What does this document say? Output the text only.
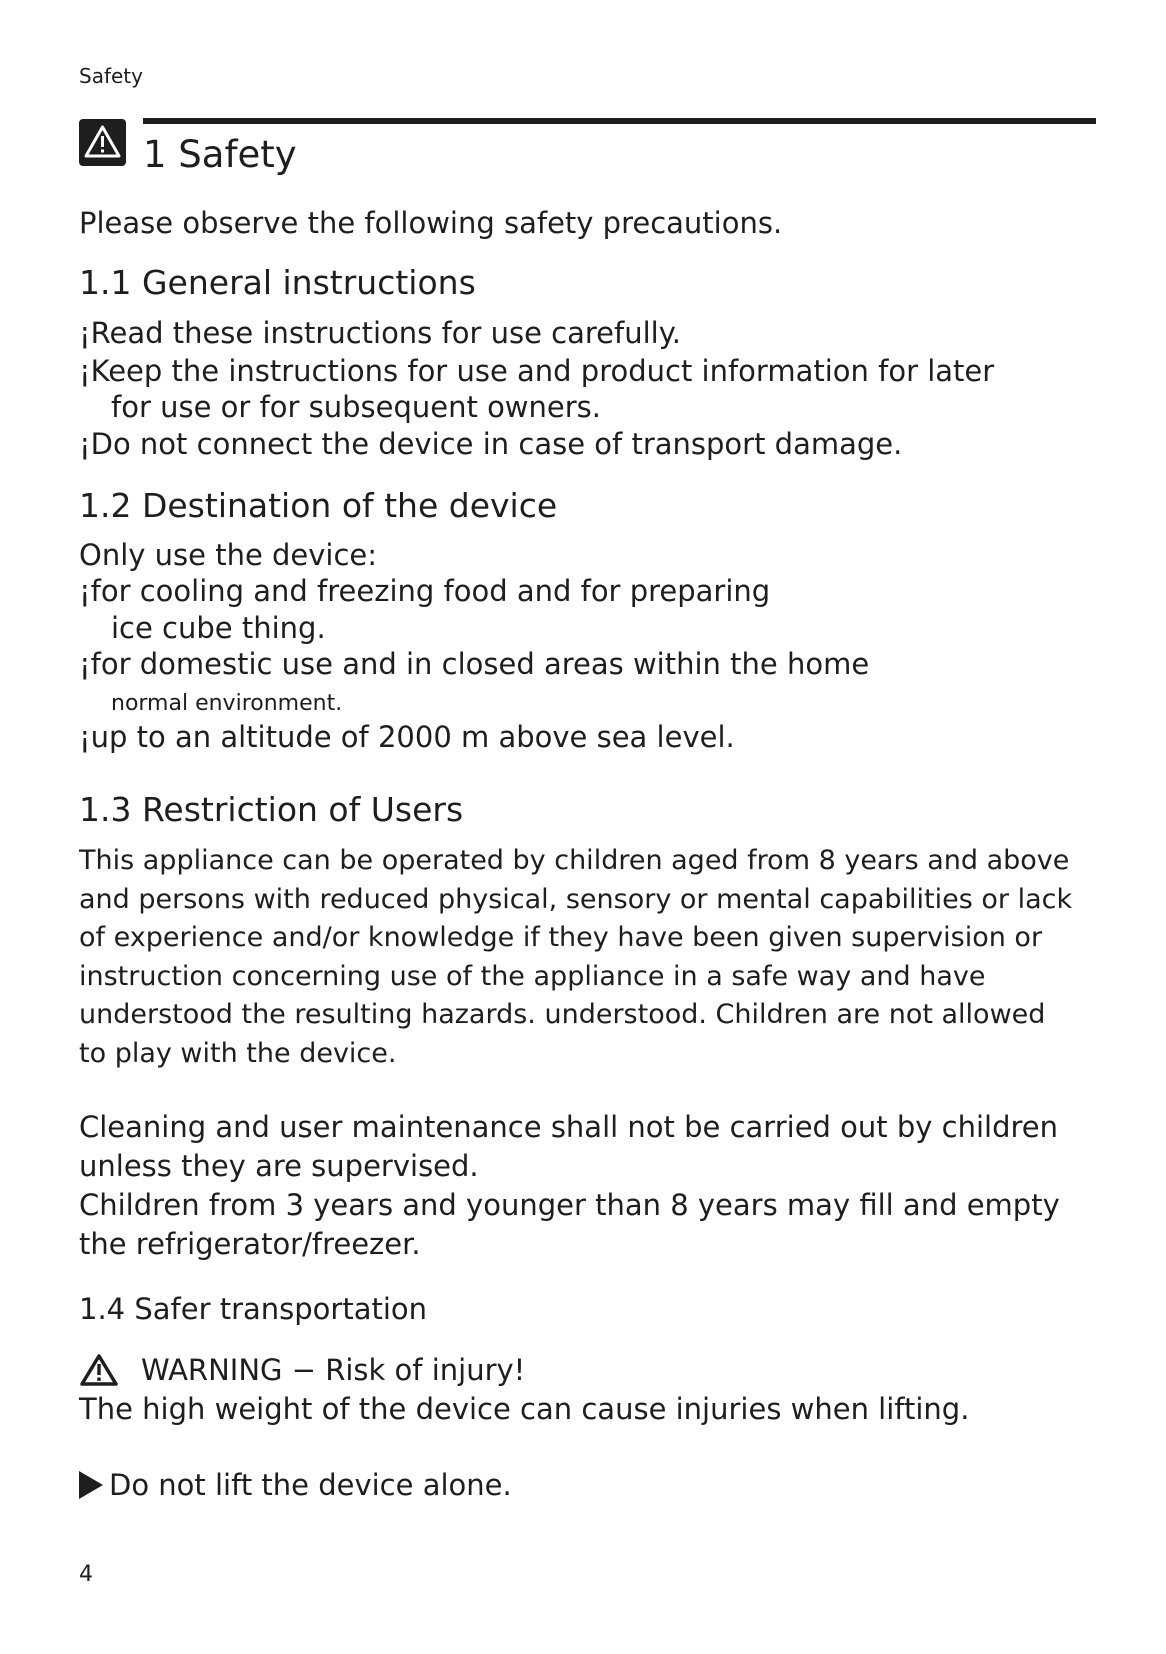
Safety
1 Safety
Please observe the following safety precautions.
1.1 General instructions
¡Read these instructions for use carefully.
¡Keep the instructions for use and product information for later
for use or for subsequent owners.
¡Do not connect the device in case of transport damage.
1.2 Destination of the device
Only use the device:
¡for cooling and freezing food and for preparing
ice cube thing.
¡for domestic use and in closed areas within the home
normal environment.
¡up to an altitude of 2000 m above sea level.
1.3 Restriction of Users
This appliance can be operated by children aged from 8 years and above
and persons with reduced physical, sensory or mental capabilities or lack
of experience and/or knowledge if they have been given supervision or
instruction concerning use of the appliance in a safe way and have
understood the resulting hazards. understood. Children are not allowed
to play with the device.
Cleaning and user maintenance shall not be carried out by children
unless they are supervised.
Children from 3 years and younger than 8 years may fill and empty
the refrigerator/freezer.
1.4 Safer transportation
WARNING − Risk of injury!
The high weight of the device can cause injuries when lifting.
Do not lift the device alone.
4
